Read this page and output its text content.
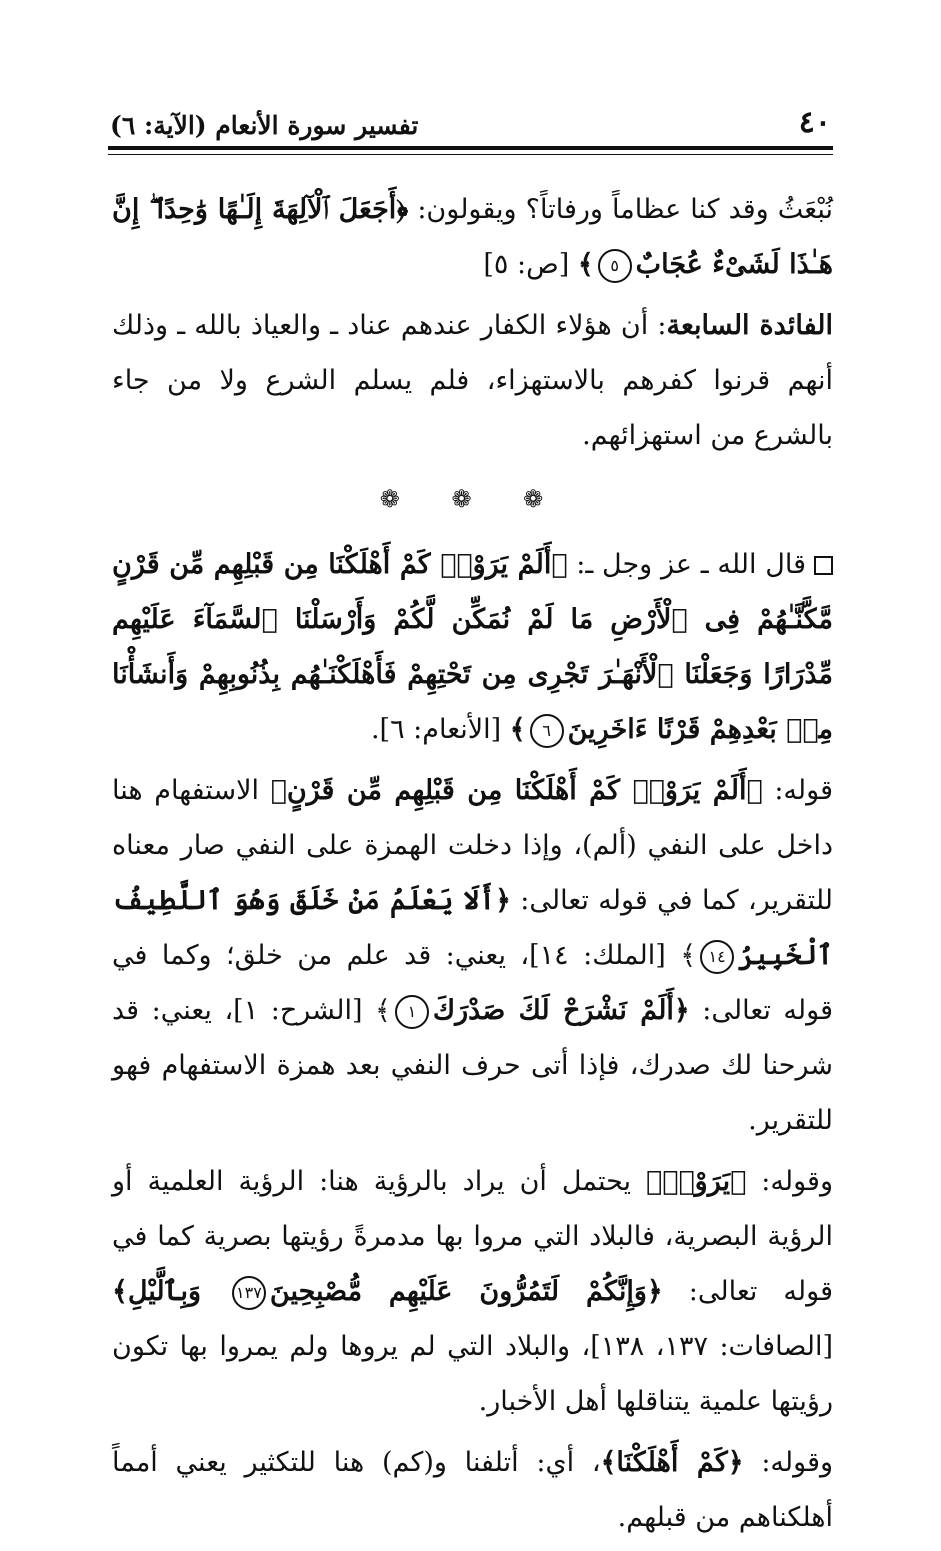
تفسير سورة الأنعام (الآية: ٦)	٤٠

نُبْعَثُ وقد كنا عظاماً ورفاتاً؟ ويقولون: ﴿أَجَعَلَ ٱلْآلِهَةَ إِلَـٰهًا وَٰحِدًا ۖ إِنَّ هَـٰذَا لَشَىْءٌ عُجَابٌ٥﴾ [ص: ٥]

الفائدة السابعة: أن هؤلاء الكفار عندهم عناد ـ والعياذ بالله ـ وذلك أنهم قرنوا كفرهم بالاستهزاء، فلم يسلم الشرع ولا من جاء بالشرع من استهزائهم.

❁ ❁ ❁

قال الله ـ عز وجل ـ: ﴿أَلَمْ يَرَوْا۟ كَمْ أَهْلَكْنَا مِن قَبْلِهِم مِّن قَرْنٍ مَّكَّنَّـٰهُمْ فِى ٱلْأَرْضِ مَا لَمْ نُمَكِّن لَّكُمْ وَأَرْسَلْنَا ٱلسَّمَآءَ عَلَيْهِم مِّدْرَارًا وَجَعَلْنَا ٱلْأَنْهَـٰرَ تَجْرِى مِن تَحْتِهِمْ فَأَهْلَكْنَـٰهُم بِذُنُوبِهِمْ وَأَنشَأْنَا مِنۢ بَعْدِهِمْ قَرْنًا ءَاخَرِينَ٦﴾ [الأنعام: ٦].

قوله: ﴿أَلَمْ يَرَوْا۟ كَمْ أَهْلَكْنَا مِن قَبْلِهِم مِّن قَرْنٍ﴾ الاستفهام هنا داخل على النفي (ألم)، وإذا دخلت الهمزة على النفي صار معناه للتقرير، كما في قوله تعالى: ﴿أَلَا يَعْلَمُ مَنْ خَلَقَ وَهُوَ ٱللَّطِيفُ ٱلْخَبِيرُ١٤﴾ [الملك: ١٤]، يعني: قد علم من خلق؛ وكما في قوله تعالى: ﴿أَلَمْ نَشْرَحْ لَكَ صَدْرَكَ١﴾ [الشرح: ١]، يعني: قد شرحنا لك صدرك، فإذا أتى حرف النفي بعد همزة الاستفهام فهو للتقرير.

وقوله: ﴿يَرَوْا۟﴾ يحتمل أن يراد بالرؤية هنا: الرؤية العلمية أو الرؤية البصرية، فالبلاد التي مروا بها مدمرةً رؤيتها بصرية كما في قوله تعالى: ﴿وَإِنَّكُمْ لَتَمُرُّونَ عَلَيْهِم مُّصْبِحِينَ١٣٧ وَبِٱلَّيْلِ﴾ [الصافات: ١٣٧، ١٣٨]، والبلاد التي لم يروها ولم يمروا بها تكون رؤيتها علمية يتناقلها أهل الأخبار.

وقوله: ﴿كَمْ أَهْلَكْنَا﴾، أي: أتلفنا و(كم) هنا للتكثير يعني أمماً أهلكناهم من قبلهم.
